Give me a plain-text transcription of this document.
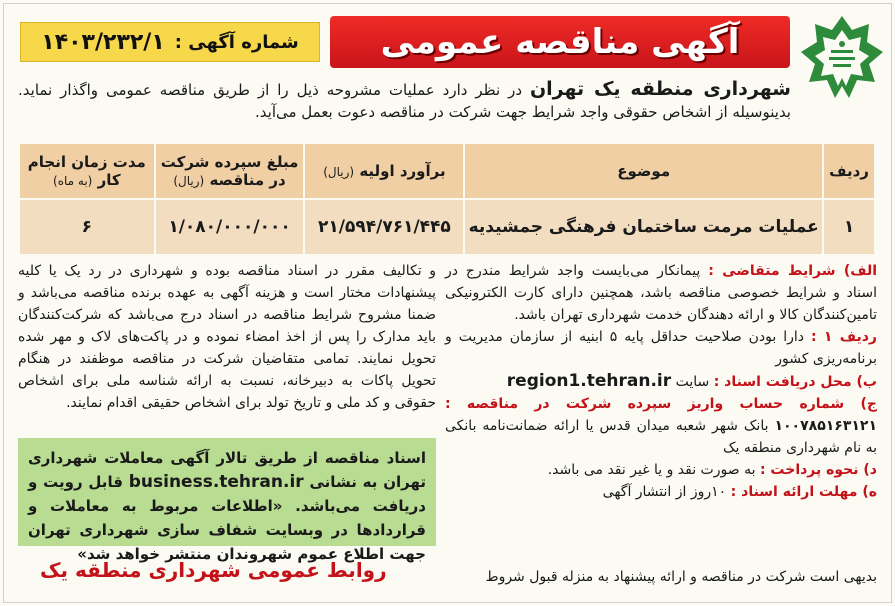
آگهی مناقصه عمومی
شماره آگهی :
۱۴۰۳/۲۳۲/۱
شهرداری منطقه یک تهران در نظر دارد عملیات مشروحه ذیل را از طریق مناقصه عمومی واگذار نماید. بدینوسیله از اشخاص حقوقی واجد شرایط جهت شرکت در مناقصه دعوت بعمل می‌آید.
ردیف	موضوع	برآورد اولیه (ریال)	مبلغ سپرده شرکت در مناقصه (ریال)	مدت زمان انجام کار (به ماه)
۱	عملیات مرمت ساختمان فرهنگی جمشیدیه	۲۱/۵۹۴/۷۶۱/۴۴۵	۱/۰۸۰/۰۰۰/۰۰۰	۶

الف) شرایط متقاضی : پیمانکار می‌بایست واجد شرایط مندرج در اسناد و شرایط خصوصی مناقصه باشد، همچنین دارای کارت الکترونیکی تامین‌کنندگان کالا و ارائه دهندگان خدمت شهرداری تهران باشد.

ردیف ۱ : دارا بودن صلاحیت حداقل پایه ۵ ابنیه از سازمان مدیریت و برنامه‌ریزی کشور

ب) محل دریافت اسناد : سایت region1.tehran.ir

ج) شماره حساب واریز سپرده شرکت در مناقصه : ۱۰۰۷۸۵۱۶۳۱۲۱ بانک شهر شعبه میدان قدس یا ارائه ضمانت‌نامه بانکی به نام شهرداری منطقه یک

د) نحوه پرداخت : به صورت نقد و یا غیر نقد می باشد.

ه) مهلت ارائه اسناد : ۱۰روز از انتشار آگهی

بدیهی است شرکت در مناقصه و ارائه پیشنهاد به منزله قبول شروط
و تکالیف مقرر در اسناد مناقصه بوده و شهرداری در رد یک یا کلیه پیشنهادات مختار است و هزینه آگهی به عهده برنده مناقصه می‌باشد و ضمنا مشروح شرایط مناقصه در اسناد درج می‌باشد که شرکت‌کنندگان باید مدارک را پس از اخذ امضاء نموده و در پاکت‌های لاک و مهر شده تحویل نمایند. تمامی متقاضیان شرکت در مناقصه موظفند در هنگام تحویل پاکات به دبیرخانه، نسبت به ارائه شناسه ملی برای اشخاص حقوقی و کد ملی و تاریخ تولد برای اشخاص حقیقی اقدام نمایند.
اسناد مناقصه از طریق تالار آگهی معاملات شهرداری تهران به نشانی business.tehran.ir قابل رویت و دریافت می‌باشد. «اطلاعات مربوط به معاملات و قراردادها در وبسایت شفاف سازی شهرداری تهران جهت اطلاع عموم شهروندان منتشر خواهد شد»
روابط عمومی شهرداری منطقه یک
